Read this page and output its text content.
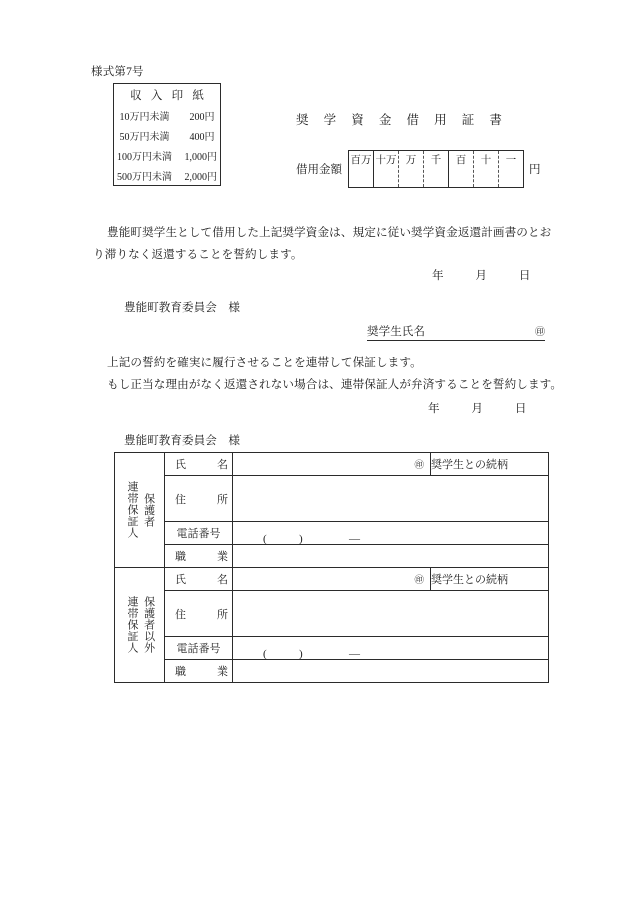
様式第7号
収 入 印 紙
10万円未満	200円
50万円未満	400円
100万円未満	1,000円
500万円未満	2,000円
奨 学 資 金 借 用 証 書
借用金額
百万 十万 万	千	百	十	一
円
豊能町奨学生として借用した上記奨学資金は、規定に従い奨学資金返還計画書のとお
り滞りなく返還することを誓約します。
年	月	日
豊能町教育委員会　様
奨学生氏名	㊞
上記の誓約を確実に履行させることを連帯して保証します。
もし正当な理由がなく返還されない場合は、連帯保証人が弁済することを誓約します。
年	月	日
豊能町教育委員会　様
連帯保証人 保護者	氏　名	㊞	奨学生との続柄
	住　所		
	電話番号	( ) —	

	職　業		

連帯保証人 保護者以外	氏　名	㊞	奨学生との続柄
	住　所		
	電話番号	( ) —	

	職　業		
